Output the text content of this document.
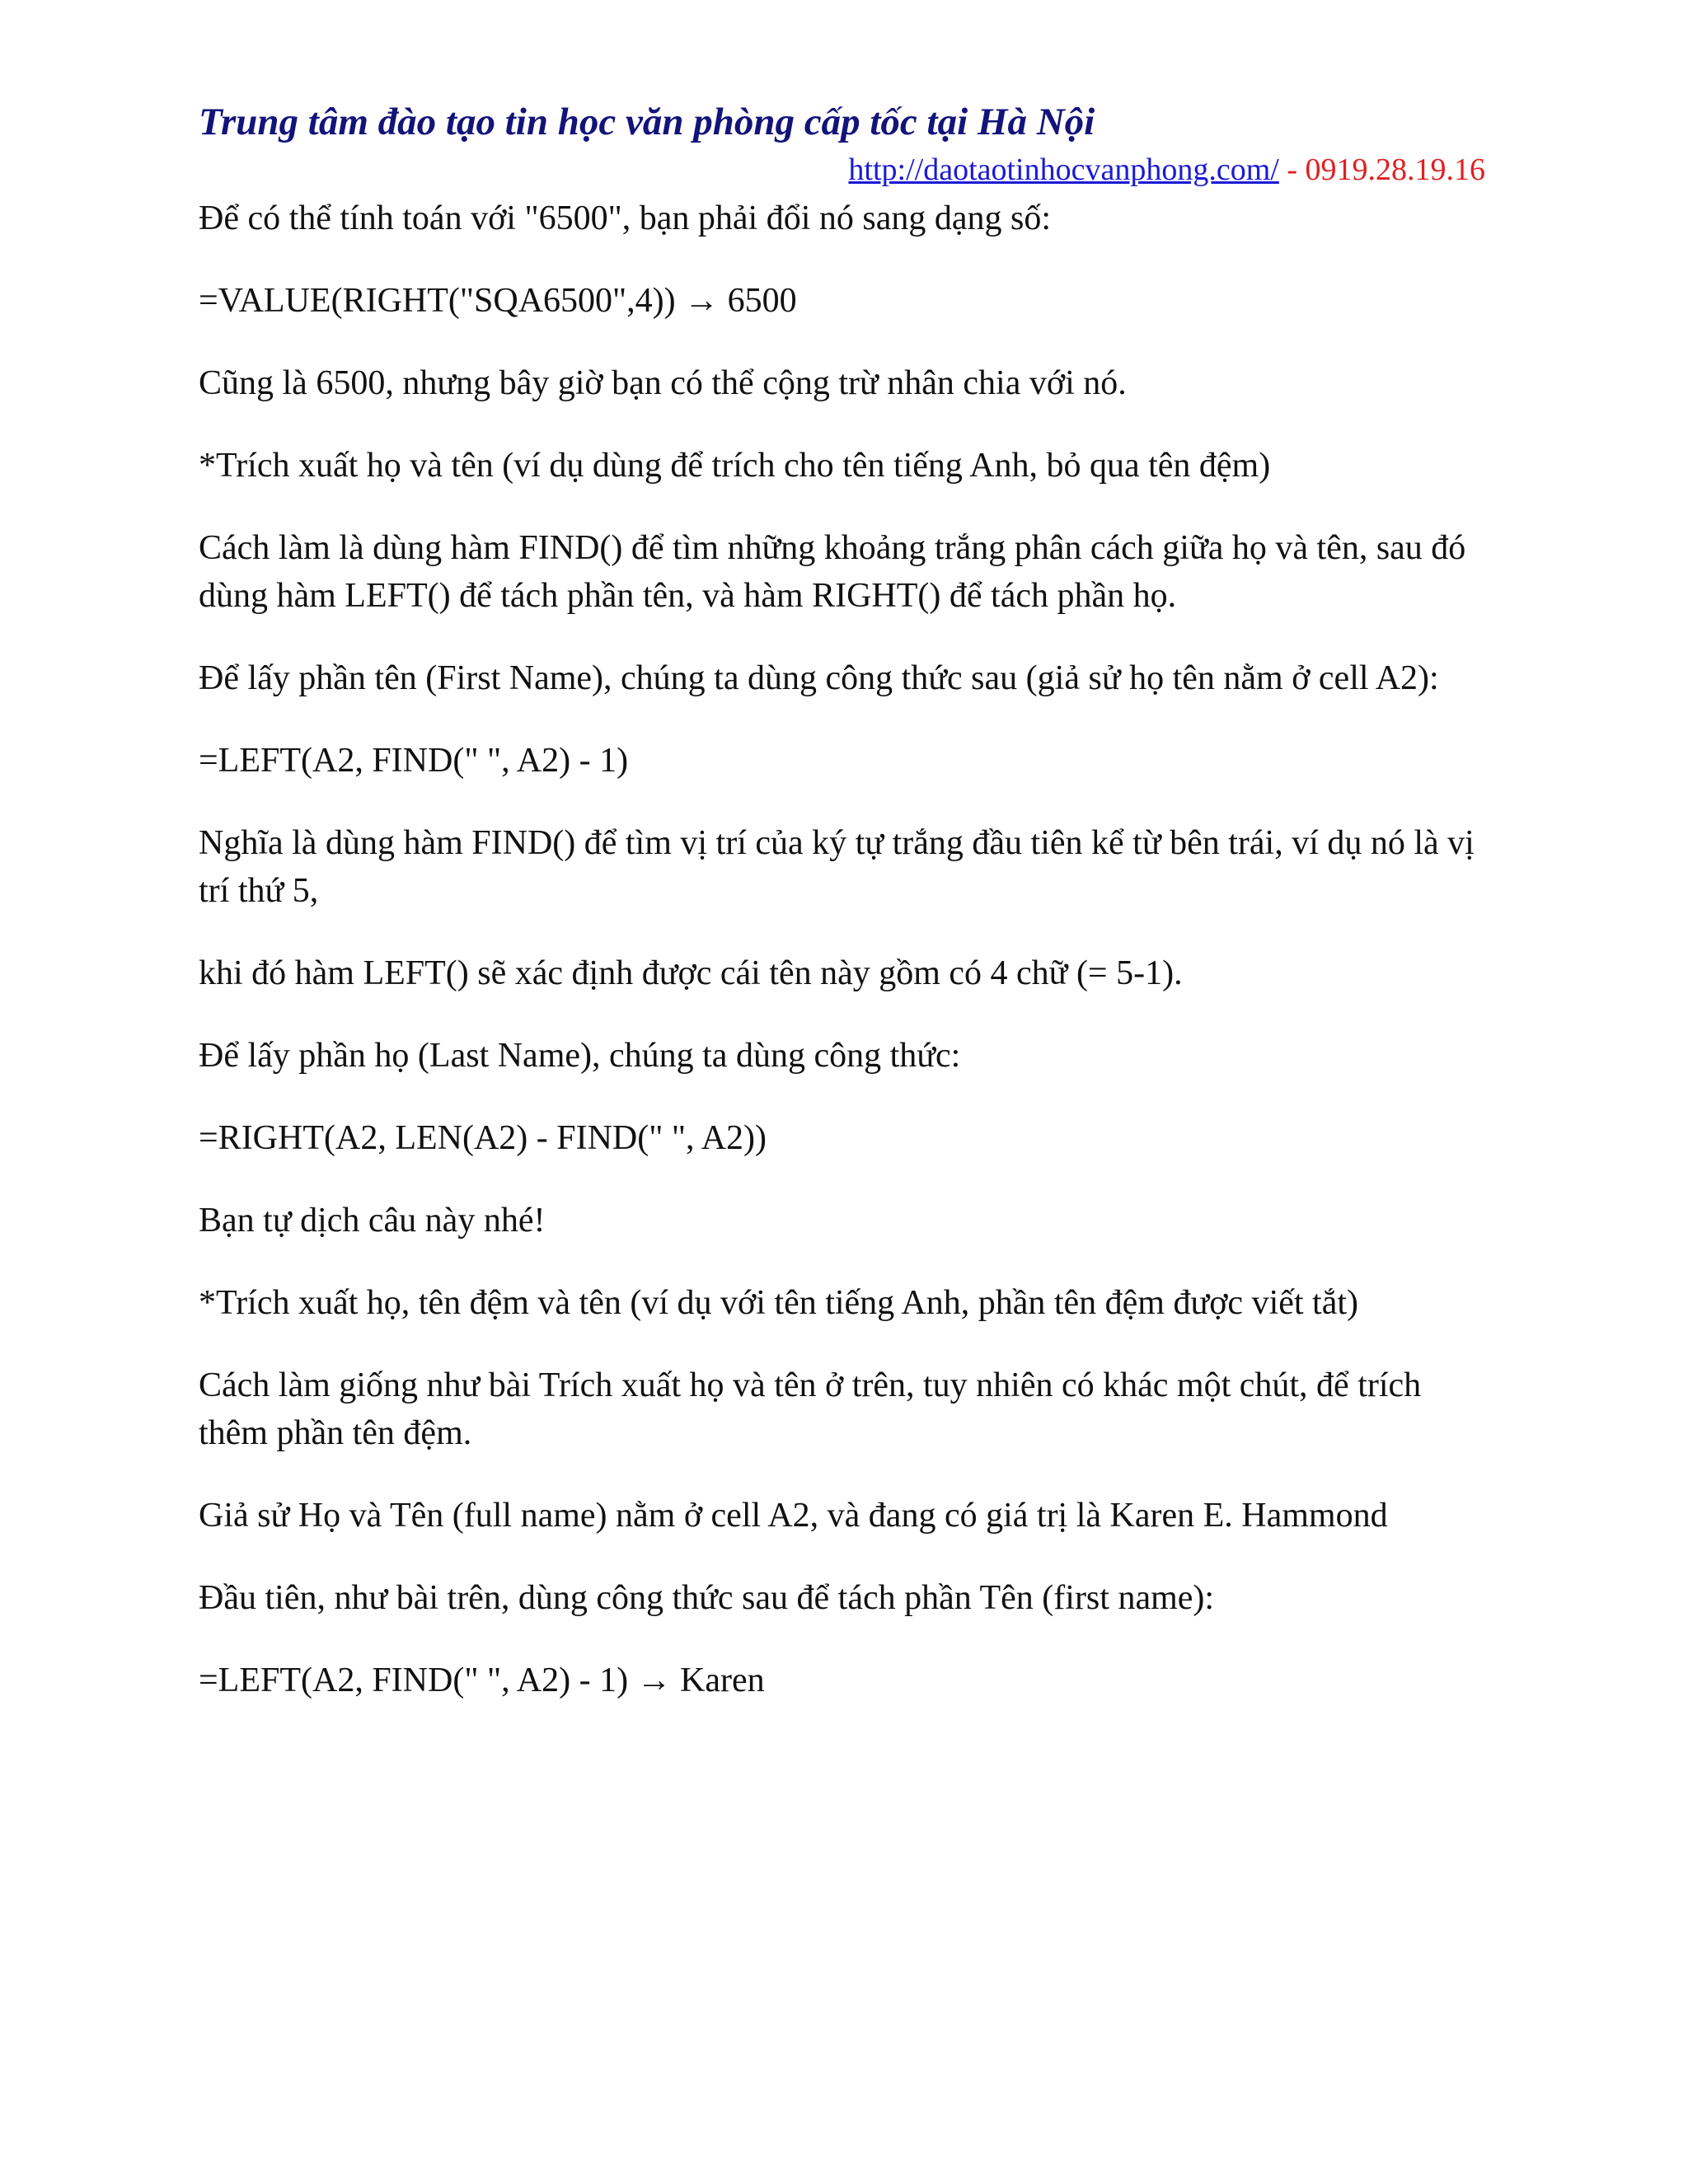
Trung tâm đào tạo tin học văn phòng cấp tốc tại Hà Nội
http://daotaotinhocvanphong.com/ - 0919.28.19.16

Để có thể tính toán với "6500", bạn phải đổi nó sang dạng số:

=VALUE(RIGHT("SQA6500",4)) → 6500

Cũng là 6500, nhưng bây giờ bạn có thể cộng trừ nhân chia với nó.

*Trích xuất họ và tên (ví dụ dùng để trích cho tên tiếng Anh, bỏ qua tên đệm)

Cách làm là dùng hàm FIND() để tìm những khoảng trắng phân cách giữa họ và tên, sau đó dùng hàm LEFT() để tách phần tên, và hàm RIGHT() để tách phần họ.

Để lấy phần tên (First Name), chúng ta dùng công thức sau (giả sử họ tên nằm ở cell A2):

=LEFT(A2, FIND(" ", A2) - 1)

Nghĩa là dùng hàm FIND() để tìm vị trí của ký tự trắng đầu tiên kể từ bên trái, ví dụ nó là vị trí thứ 5,

khi đó hàm LEFT() sẽ xác định được cái tên này gồm có 4 chữ (= 5-1).

Để lấy phần họ (Last Name), chúng ta dùng công thức:

=RIGHT(A2, LEN(A2) - FIND(" ", A2))

Bạn tự dịch câu này nhé!

*Trích xuất họ, tên đệm và tên (ví dụ với tên tiếng Anh, phần tên đệm được viết tắt)

Cách làm giống như bài Trích xuất họ và tên ở trên, tuy nhiên có khác một chút, để trích thêm phần tên đệm.

Giả sử Họ và Tên (full name) nằm ở cell A2, và đang có giá trị là Karen E. Hammond

Đầu tiên, như bài trên, dùng công thức sau để tách phần Tên (first name):

=LEFT(A2, FIND(" ", A2) - 1) → Karen
